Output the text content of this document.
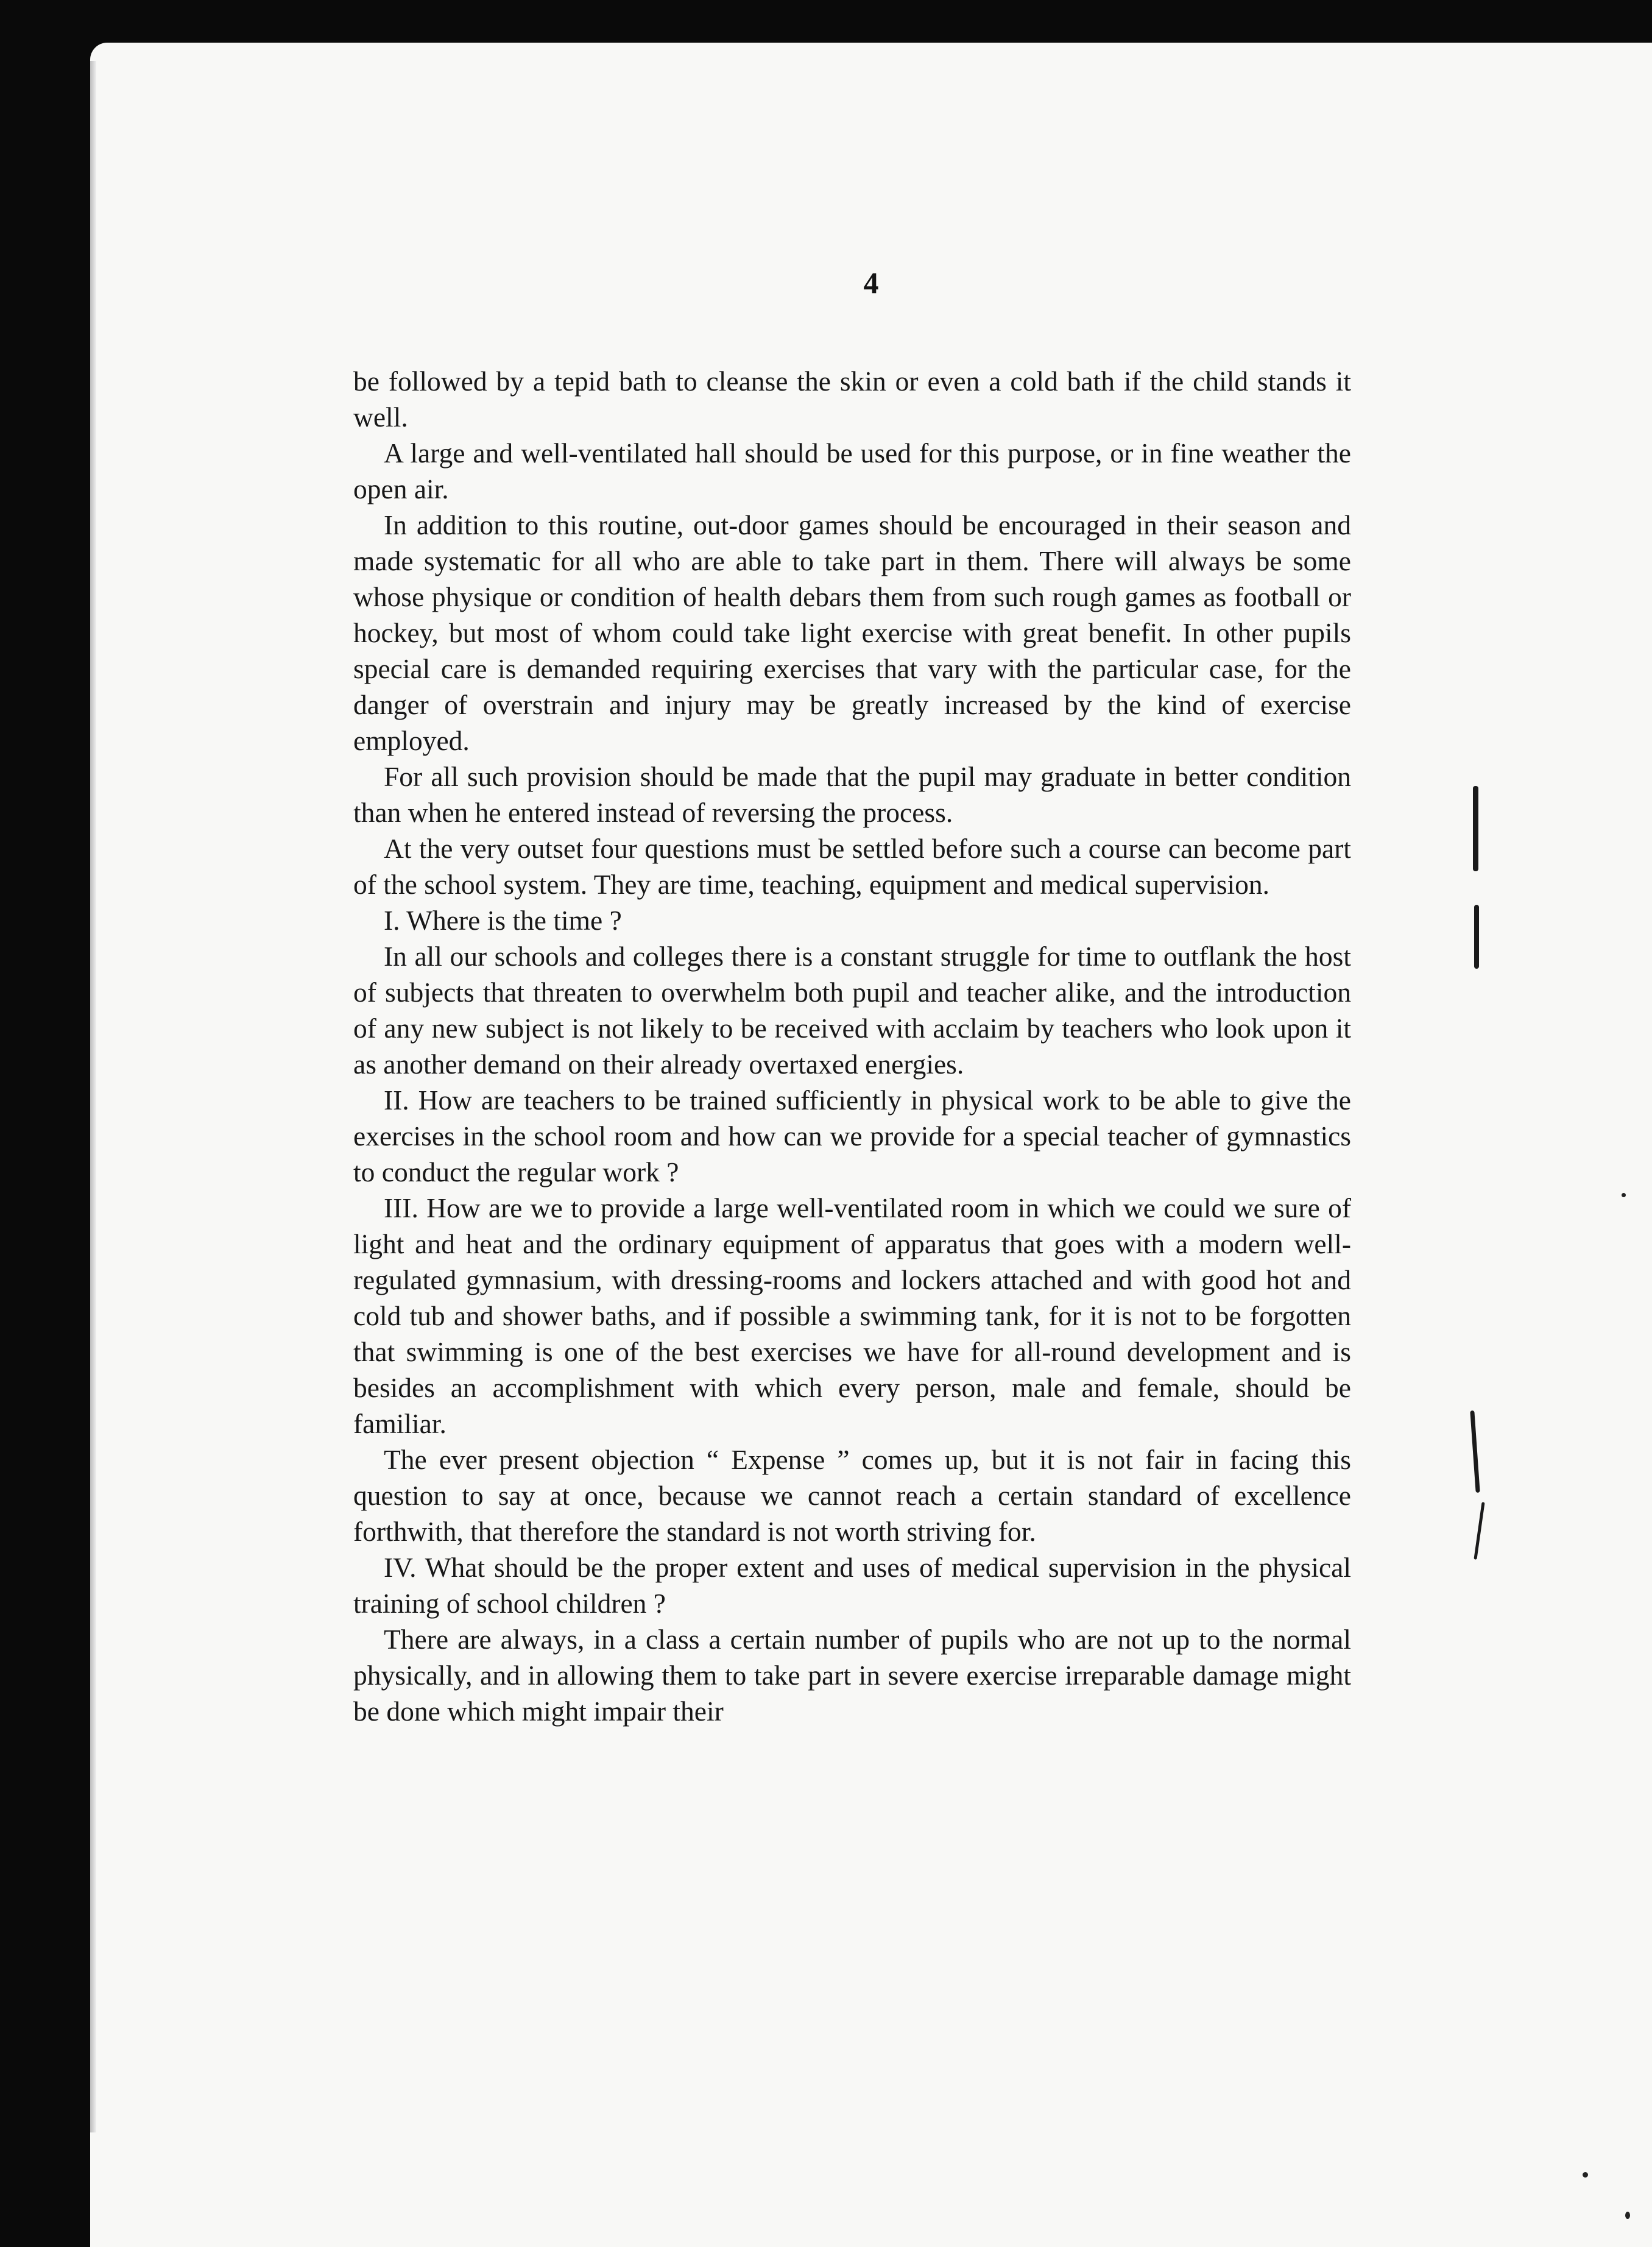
4

be followed by a tepid bath to cleanse the skin or even a cold bath if the child stands it well.

A large and well-ventilated hall should be used for this purpose, or in fine weather the open air.

In addition to this routine, out-door games should be encouraged in their season and made systematic for all who are able to take part in them. There will always be some whose physique or condition of health debars them from such rough games as football or hockey, but most of whom could take light exercise with great benefit. In other pupils special care is demanded requiring exercises that vary with the particular case, for the danger of overstrain and injury may be greatly increased by the kind of exercise employed.

For all such provision should be made that the pupil may graduate in better condition than when he entered instead of reversing the process.

At the very outset four questions must be settled before such a course can become part of the school system. They are time, teaching, equipment and medical supervision.

I. Where is the time ?

In all our schools and colleges there is a constant struggle for time to outflank the host of subjects that threaten to overwhelm both pupil and teacher alike, and the introduction of any new subject is not likely to be received with acclaim by teachers who look upon it as another demand on their already overtaxed energies.

II. How are teachers to be trained sufficiently in physical work to be able to give the exercises in the school room and how can we provide for a special teacher of gymnastics to conduct the regular work ?

III. How are we to provide a large well-ventilated room in which we could we sure of light and heat and the ordinary equipment of apparatus that goes with a modern well-regulated gymnasium, with dressing-rooms and lockers attached and with good hot and cold tub and shower baths, and if possible a swimming tank, for it is not to be forgotten that swimming is one of the best exercises we have for all-round development and is besides an accomplishment with which every person, male and female, should be familiar.

The ever present objection “ Expense ” comes up, but it is not fair in facing this question to say at once, because we cannot reach a certain standard of excellence forthwith, that therefore the standard is not worth striving for.

IV. What should be the proper extent and uses of medical supervision in the physical training of school children ?

There are always, in a class a certain number of pupils who are not up to the normal physically, and in allowing them to take part in severe exercise irreparable damage might be done which might impair their
